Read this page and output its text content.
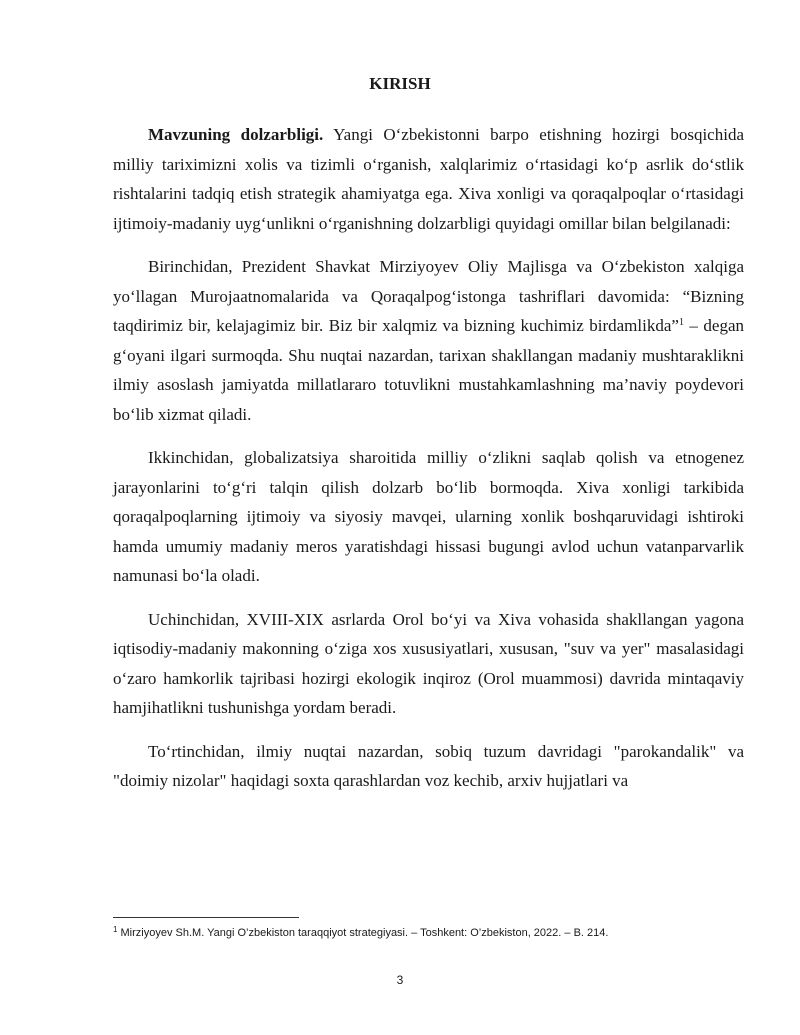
KIRISH

Mavzuning dolzarbligi. Yangi O‘zbekistonni barpo etishning hozirgi bosqichida milliy tariximizni xolis va tizimli o‘rganish, xalqlarimiz o‘rtasidagi ko‘p asrlik do‘stlik rishtalarini tadqiq etish strategik ahamiyatga ega. Xiva xonligi va qoraqalpoqlar o‘rtasidagi ijtimoiy-madaniy uyg‘unlikni o‘rganishning dolzarbligi quyidagi omillar bilan belgilanadi:

Birinchidan, Prezident Shavkat Mirziyoyev Oliy Majlisga va O‘zbekiston xalqiga yo‘llagan Murojaatnomalarida va Qoraqalpog‘istonga tashriflari davomida: “Bizning taqdirimiz bir, kelajagimiz bir. Biz bir xalqmiz va bizning kuchimiz birdamlikda”$^1$ – degan g‘oyani ilgari surmoqda. Shu nuqtai nazardan, tarixan shakllangan madaniy mushtaraklikni ilmiy asoslash jamiyatda millatlararo totuvlikni mustahkamlashning ma’naviy poydevori bo‘lib xizmat qiladi.

Ikkinchidan, globalizatsiya sharoitida milliy o‘zlikni saqlab qolish va etnogenez jarayonlarini to‘g‘ri talqin qilish dolzarb bo‘lib bormoqda. Xiva xonligi tarkibida qoraqalpoqlarning ijtimoiy va siyosiy mavqei, ularning xonlik boshqaruvidagi ishtiroki hamda umumiy madaniy meros yaratishdagi hissasi bugungi avlod uchun vatanparvarlik namunasi bo‘la oladi.

Uchinchidan, XVIII-XIX asrlarda Orol bo‘yi va Xiva vohasida shakllangan yagona iqtisodiy-madaniy makonning o‘ziga xos xususiyatlari, xususan, "suv va yer" masalasidagi o‘zaro hamkorlik tajribasi hozirgi ekologik inqiroz (Orol muammosi) davrida mintaqaviy hamjihatlikni tushunishga yordam beradi.

To‘rtinchidan, ilmiy nuqtai nazardan, sobiq tuzum davridagi "parokandalik" va "doimiy nizolar" haqidagi soxta qarashlardan voz kechib, arxiv hujjatlari va

$^1$ Mirziyoyev Sh.M. Yangi O’zbekiston taraqqiyot strategiyasi. – Toshkent: O’zbekiston, 2022. – B. 214.
3
